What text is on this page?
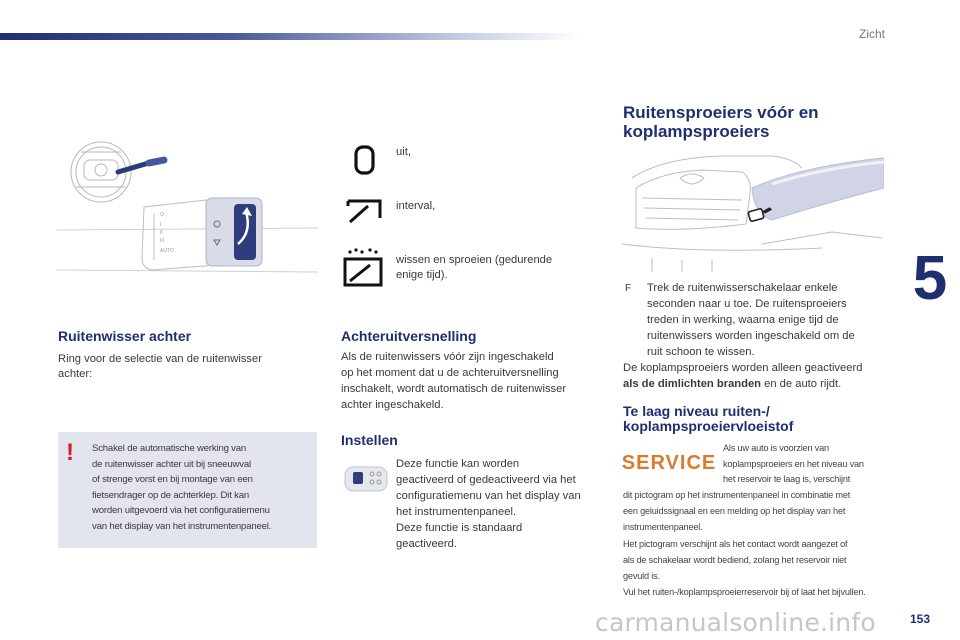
Zicht
5
O
I
II
III
AUTO
uit,
interval,
wissen en sproeien (gedurende
enige tijd).
Ruitenwisser achter
Ring voor de selectie van de ruitenwisser
achter:
!	Schakel de automatische werking van
de ruitenwisser achter uit bij sneeuwval
of strenge vorst en bij montage van een
fietsendrager op de achterklep. Dit kan
worden uitgevoerd via het configuratiemenu
van het display van het instrumentenpaneel.
Achteruitversnelling
Als de ruitenwissers vóór zijn ingeschakeld
op het moment dat u de achteruitversnelling
inschakelt, wordt automatisch de ruitenwisser
achter ingeschakeld.
Instellen
Deze functie kan worden
geactiveerd of gedeactiveerd via het
configuratiemenu van het display van
het instrumentenpaneel.
Deze functie is standaard
geactiveerd.
Ruitensproeiers vóór en
koplampsproeiers
F Trek de ruitenwisserschakelaar enkele
seconden naar u toe. De ruitensproeiers
treden in werking, waarna enige tijd de
ruitenwissers worden ingeschakeld om de
ruit schoon te wissen.
De koplampsproeiers worden alleen geactiveerd
als de dimlichten branden en de auto rijdt.
Te laag niveau ruiten-/
koplampsproeiervloeistof
SERVICE
Als uw auto is voorzien van
koplampsproeiers en het niveau van
het reservoir te laag is, verschijnt
dit pictogram op het instrumentenpaneel in combinatie met
een geluidssignaal en een melding op het display van het
instrumentenpaneel.
Het pictogram verschijnt als het contact wordt aangezet of
als de schakelaar wordt bediend, zolang het reservoir niet
gevuld is.
Vul het ruiten-/koplampsproeierreservoir bij of laat het bijvullen.
carmanualsonline.info	153
